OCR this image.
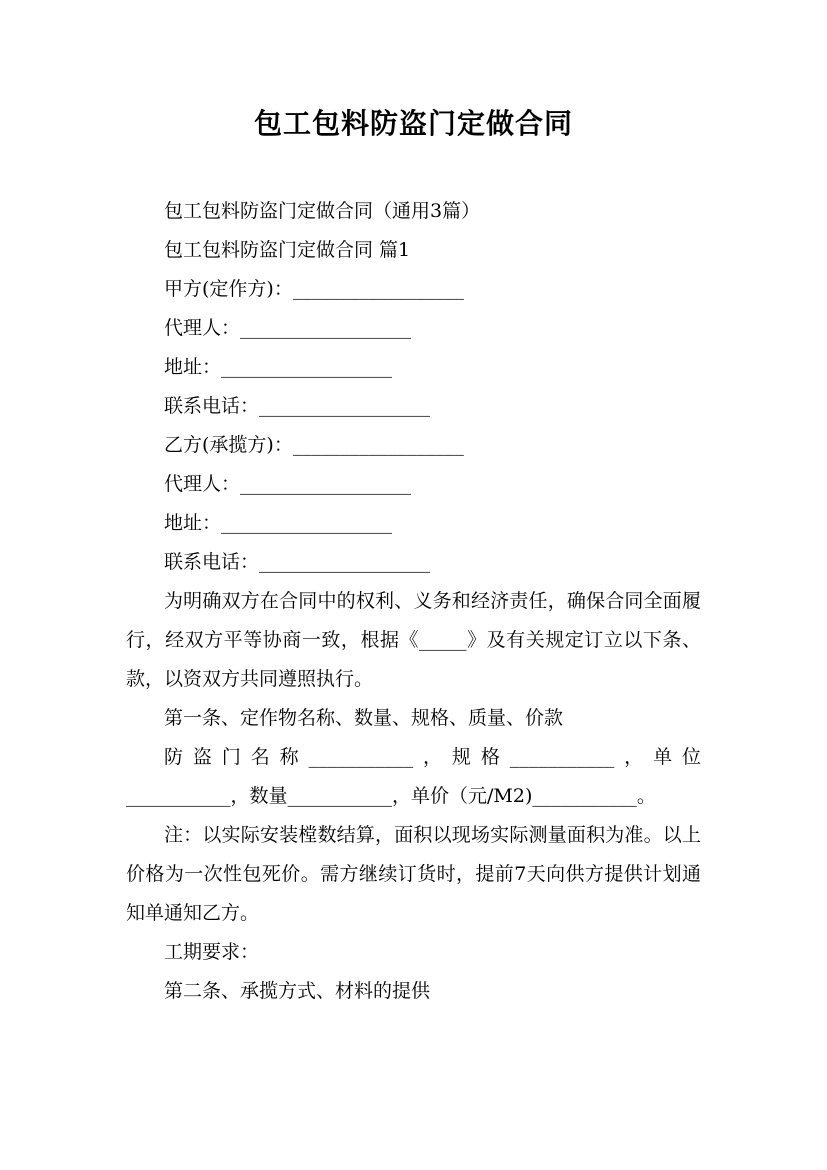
包工包料防盗门定做合同

包工包料防盗门定做合同（通用3篇）

包工包料防盗门定做合同 篇1

甲方(定作方)：__________________

代理人：__________________

地址：__________________

联系电话：__________________

乙方(承揽方)：__________________

代理人：__________________

地址：__________________

联系电话：__________________

为明确双方在合同中的权利、义务和经济责任，确保合同全面履行，经双方平等协商一致，根据《_____》及有关规定订立以下条、款，以资双方共同遵照执行。

第一条、定作物名称、数量、规格、质量、价款

防盗门名称___________，规格___________，单位___________，数量___________，单价（元/M2)___________。

注：以实际安装樘数结算，面积以现场实际测量面积为准。以上价格为一次性包死价。需方继续订货时，提前7天向供方提供计划通知单通知乙方。

工期要求：

第二条、承揽方式、材料的提供
